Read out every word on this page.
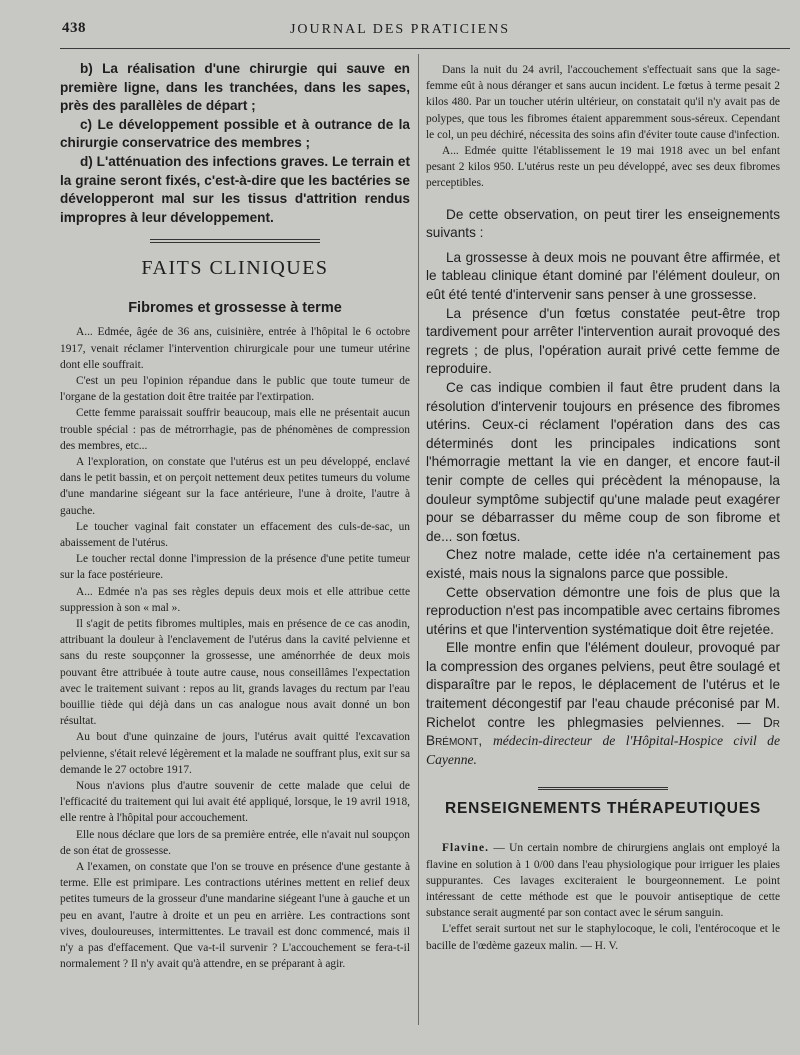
438	JOURNAL DES PRATICIENS

b) La réalisation d'une chirurgie qui sauve en première ligne, dans les tranchées, dans les sapes, près des parallèles de départ ;

c) Le développement possible et à outrance de la chirurgie conservatrice des membres ;

d) L'atténuation des infections graves. Le terrain et la graine seront fixés, c'est-à-dire que les bactéries se développeront mal sur les tissus d'attrition rendus impropres à leur développement.

FAITS CLINIQUES
Fibromes et grossesse à terme

A... Edmée, âgée de 36 ans, cuisinière, entrée à l'hôpital le 6 octobre 1917, venait réclamer l'intervention chirurgicale pour une tumeur utérine dont elle souffrait.

C'est un peu l'opinion répandue dans le public que toute tumeur de l'organe de la gestation doit être traitée par l'extirpation.

Cette femme paraissait souffrir beaucoup, mais elle ne présentait aucun trouble spécial : pas de métrorrhagie, pas de phénomènes de compression des membres, etc...

A l'exploration, on constate que l'utérus est un peu développé, enclavé dans le petit bassin, et on perçoit nettement deux petites tumeurs du volume d'une mandarine siégeant sur la face antérieure, l'une à droite, l'autre à gauche.

Le toucher vaginal fait constater un effacement des culs-de-sac, un abaissement de l'utérus.

Le toucher rectal donne l'impression de la présence d'une petite tumeur sur la face postérieure.

A... Edmée n'a pas ses règles depuis deux mois et elle attribue cette suppression à son « mal ».

Il s'agit de petits fibromes multiples, mais en présence de ce cas anodin, attribuant la douleur à l'enclavement de l'utérus dans la cavité pelvienne et sans du reste soupçonner la grossesse, une aménorrhée de deux mois pouvant être attribuée à toute autre cause, nous conseillâmes l'expectation avec le traitement suivant : repos au lit, grands lavages du rectum par l'eau bouillie tiède qui déjà dans un cas analogue nous avait donné un bon résultat.

Au bout d'une quinzaine de jours, l'utérus avait quitté l'excavation pelvienne, s'était relevé légèrement et la malade ne souffrant plus, exit sur sa demande le 27 octobre 1917.

Nous n'avions plus d'autre souvenir de cette malade que celui de l'efficacité du traitement qui lui avait été appliqué, lorsque, le 19 avril 1918, elle rentre à l'hôpital pour accouchement.

Elle nous déclare que lors de sa première entrée, elle n'avait nul soupçon de son état de grossesse.

A l'examen, on constate que l'on se trouve en présence d'une gestante à terme. Elle est primipare. Les contractions utérines mettent en relief deux petites tumeurs de la grosseur d'une mandarine siégeant l'une à gauche et un peu en avant, l'autre à droite et un peu en arrière. Les contractions sont vives, douloureuses, intermittentes. Le travail est donc commencé, mais il n'y a pas d'effacement. Que va-t-il survenir ? L'accouchement se fera-t-il normalement ? Il n'y avait qu'à attendre, en se préparant à agir.

Dans la nuit du 24 avril, l'accouchement s'effectuait sans que la sage-femme eût à nous déranger et sans aucun incident. Le fœtus à terme pesait 2 kilos 480. Par un toucher utérin ultérieur, on constatait qu'il n'y avait pas de polypes, que tous les fibromes étaient apparemment sous-séreux. Cependant le col, un peu déchiré, nécessita des soins afin d'éviter toute cause d'infection.

A... Edmée quitte l'établissement le 19 mai 1918 avec un bel enfant pesant 2 kilos 950. L'utérus reste un peu développé, avec ses deux fibromes perceptibles.

De cette observation, on peut tirer les enseignements suivants :

La grossesse à deux mois ne pouvant être affirmée, et le tableau clinique étant dominé par l'élément douleur, on eût été tenté d'intervenir sans penser à une grossesse.

La présence d'un fœtus constatée peut-être trop tardivement pour arrêter l'intervention aurait provoqué des regrets ; de plus, l'opération aurait privé cette femme de reproduire.

Ce cas indique combien il faut être prudent dans la résolution d'intervenir toujours en présence des fibromes utérins. Ceux-ci réclament l'opération dans des cas déterminés dont les principales indications sont l'hémorragie mettant la vie en danger, et encore faut-il tenir compte de celles qui précèdent la ménopause, la douleur symptôme subjectif qu'une malade peut exagérer pour se débarrasser du même coup de son fibrome et de... son fœtus.

Chez notre malade, cette idée n'a certainement pas existé, mais nous la signalons parce que possible.

Cette observation démontre une fois de plus que la reproduction n'est pas incompatible avec certains fibromes utérins et que l'intervention systématique doit être rejetée.

Elle montre enfin que l'élément douleur, provoqué par la compression des organes pelviens, peut être soulagé et disparaître par le repos, le déplacement de l'utérus et le traitement décongestif par l'eau chaude préconisé par M. Richelot contre les phlegmasies pelviennes. — Dr Brémont, médecin-directeur de l'Hôpital-Hospice civil de Cayenne.

RENSEIGNEMENTS THÉRAPEUTIQUES

Flavine. — Un certain nombre de chirurgiens anglais ont employé la flavine en solution à 1 0/00 dans l'eau physiologique pour irriguer les plaies suppurantes. Ces lavages exciteraient le bourgeonnement. Le point intéressant de cette méthode est que le pouvoir antiseptique de cette substance serait augmenté par son contact avec le sérum sanguin.

L'effet serait surtout net sur le staphylocoque, le coli, l'entérocoque et le bacille de l'œdème gazeux malin. — H. V.
